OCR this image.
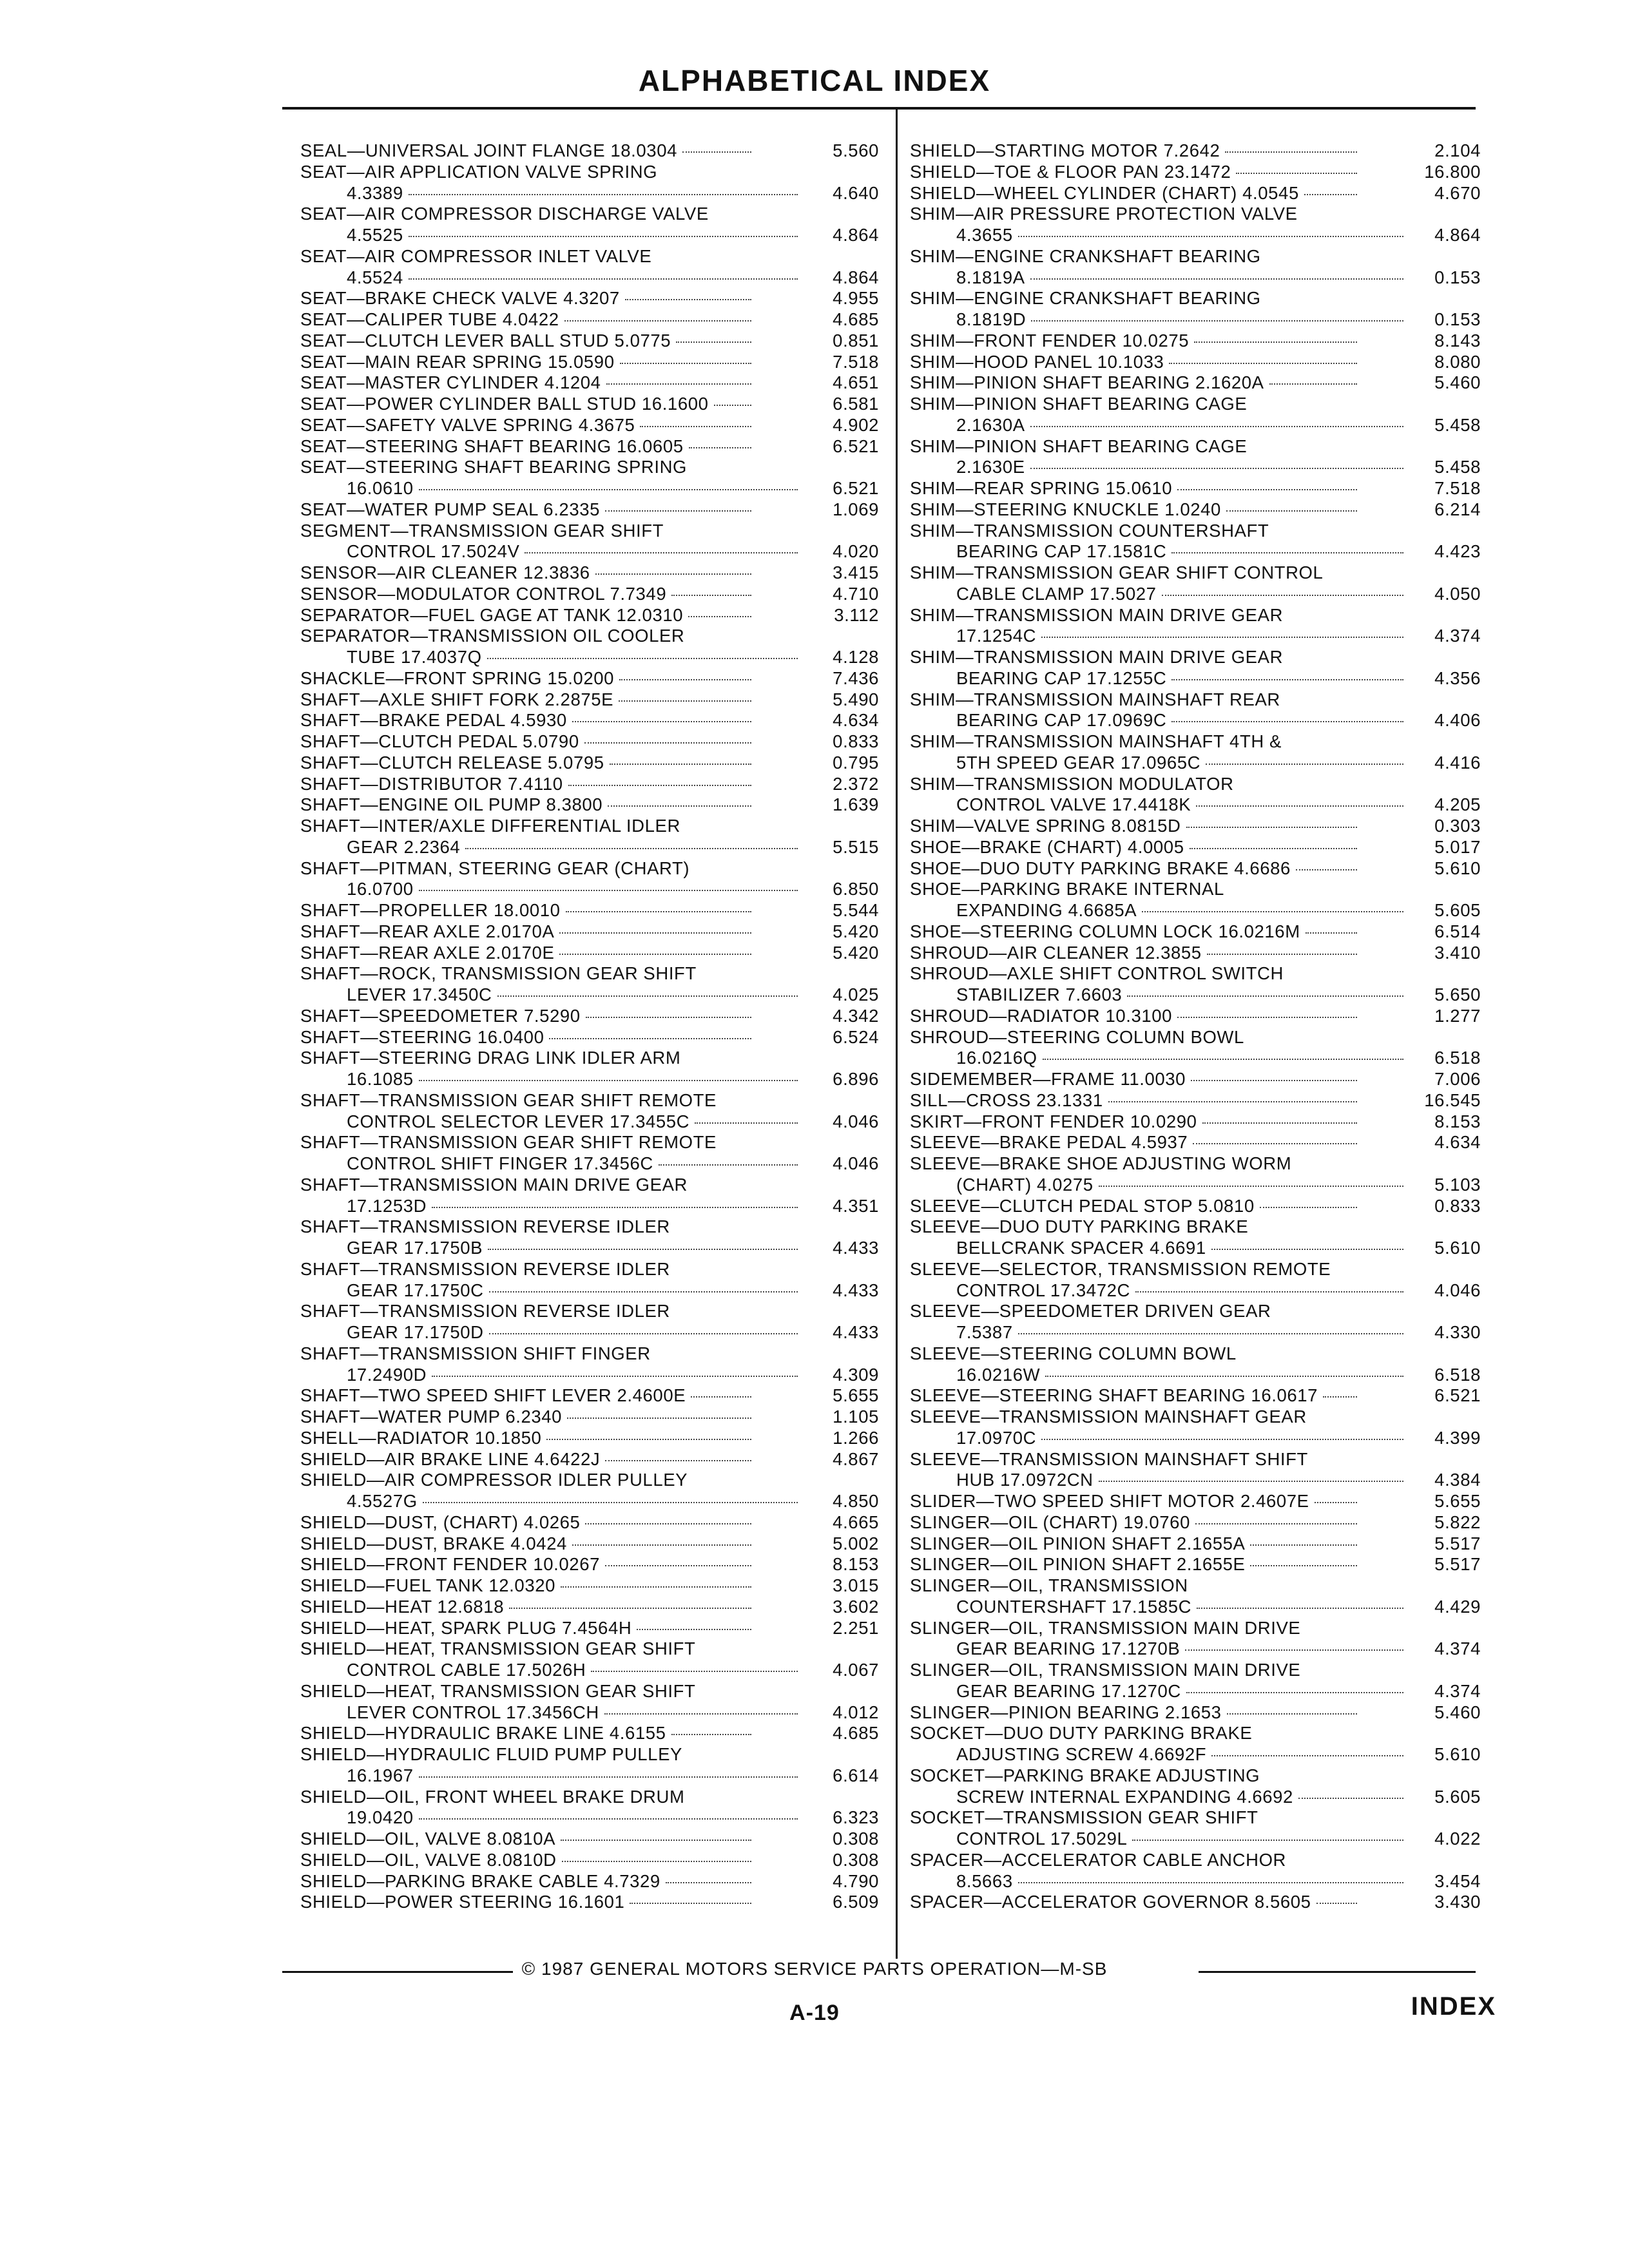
ALPHABETICAL INDEX
SEAL—UNIVERSAL JOINT FLANGE 18.0304	5.560
SEAT—AIR APPLICATION VALVE SPRING
4.3389	4.640
SEAT—AIR COMPRESSOR DISCHARGE VALVE
4.5525	4.864
SEAT—AIR COMPRESSOR INLET VALVE
4.5524	4.864
SEAT—BRAKE CHECK VALVE 4.3207	4.955
SEAT—CALIPER TUBE 4.0422	4.685
SEAT—CLUTCH LEVER BALL STUD 5.0775	0.851
SEAT—MAIN REAR SPRING 15.0590	7.518
SEAT—MASTER CYLINDER 4.1204	4.651
SEAT—POWER CYLINDER BALL STUD 16.1600	6.581
SEAT—SAFETY VALVE SPRING 4.3675	4.902
SEAT—STEERING SHAFT BEARING 16.0605	6.521
SEAT—STEERING SHAFT BEARING SPRING
16.0610	6.521
SEAT—WATER PUMP SEAL 6.2335	1.069
SEGMENT—TRANSMISSION GEAR SHIFT
CONTROL 17.5024V	4.020
SENSOR—AIR CLEANER 12.3836	3.415
SENSOR—MODULATOR CONTROL 7.7349	4.710
SEPARATOR—FUEL GAGE AT TANK 12.0310	3.112
SEPARATOR—TRANSMISSION OIL COOLER
TUBE 17.4037Q	4.128
SHACKLE—FRONT SPRING 15.0200	7.436
SHAFT—AXLE SHIFT FORK 2.2875E	5.490
SHAFT—BRAKE PEDAL 4.5930	4.634
SHAFT—CLUTCH PEDAL 5.0790	0.833
SHAFT—CLUTCH RELEASE 5.0795	0.795
SHAFT—DISTRIBUTOR 7.4110	2.372
SHAFT—ENGINE OIL PUMP 8.3800	1.639
SHAFT—INTER/AXLE DIFFERENTIAL IDLER
GEAR 2.2364	5.515
SHAFT—PITMAN, STEERING GEAR (CHART)
16.0700	6.850
SHAFT—PROPELLER 18.0010	5.544
SHAFT—REAR AXLE 2.0170A	5.420
SHAFT—REAR AXLE 2.0170E	5.420
SHAFT—ROCK, TRANSMISSION GEAR SHIFT
LEVER 17.3450C	4.025
SHAFT—SPEEDOMETER 7.5290	4.342
SHAFT—STEERING 16.0400	6.524
SHAFT—STEERING DRAG LINK IDLER ARM
16.1085	6.896
SHAFT—TRANSMISSION GEAR SHIFT REMOTE
CONTROL SELECTOR LEVER 17.3455C	4.046
SHAFT—TRANSMISSION GEAR SHIFT REMOTE
CONTROL SHIFT FINGER 17.3456C	4.046
SHAFT—TRANSMISSION MAIN DRIVE GEAR
17.1253D	4.351
SHAFT—TRANSMISSION REVERSE IDLER
GEAR 17.1750B	4.433
SHAFT—TRANSMISSION REVERSE IDLER
GEAR 17.1750C	4.433
SHAFT—TRANSMISSION REVERSE IDLER
GEAR 17.1750D	4.433
SHAFT—TRANSMISSION SHIFT FINGER
17.2490D	4.309
SHAFT—TWO SPEED SHIFT LEVER 2.4600E	5.655
SHAFT—WATER PUMP 6.2340	1.105
SHELL—RADIATOR 10.1850	1.266
SHIELD—AIR BRAKE LINE 4.6422J	4.867
SHIELD—AIR COMPRESSOR IDLER PULLEY
4.5527G	4.850
SHIELD—DUST, (CHART) 4.0265	4.665
SHIELD—DUST, BRAKE 4.0424	5.002
SHIELD—FRONT FENDER 10.0267	8.153
SHIELD—FUEL TANK 12.0320	3.015
SHIELD—HEAT 12.6818	3.602
SHIELD—HEAT, SPARK PLUG 7.4564H	2.251
SHIELD—HEAT, TRANSMISSION GEAR SHIFT
CONTROL CABLE 17.5026H	4.067
SHIELD—HEAT, TRANSMISSION GEAR SHIFT
LEVER CONTROL 17.3456CH	4.012
SHIELD—HYDRAULIC BRAKE LINE 4.6155	4.685
SHIELD—HYDRAULIC FLUID PUMP PULLEY
16.1967	6.614
SHIELD—OIL, FRONT WHEEL BRAKE DRUM
19.0420	6.323
SHIELD—OIL, VALVE 8.0810A	0.308
SHIELD—OIL, VALVE 8.0810D	0.308
SHIELD—PARKING BRAKE CABLE 4.7329	4.790
SHIELD—POWER STEERING 16.1601	6.509
SHIELD—STARTING MOTOR 7.2642	2.104
SHIELD—TOE & FLOOR PAN 23.1472	16.800
SHIELD—WHEEL CYLINDER (CHART) 4.0545	4.670
SHIM—AIR PRESSURE PROTECTION VALVE
4.3655	4.864
SHIM—ENGINE CRANKSHAFT BEARING
8.1819A	0.153
SHIM—ENGINE CRANKSHAFT BEARING
8.1819D	0.153
SHIM—FRONT FENDER 10.0275	8.143
SHIM—HOOD PANEL 10.1033	8.080
SHIM—PINION SHAFT BEARING 2.1620A	5.460
SHIM—PINION SHAFT BEARING CAGE
2.1630A	5.458
SHIM—PINION SHAFT BEARING CAGE
2.1630E	5.458
SHIM—REAR SPRING 15.0610	7.518
SHIM—STEERING KNUCKLE 1.0240	6.214
SHIM—TRANSMISSION COUNTERSHAFT
BEARING CAP 17.1581C	4.423
SHIM—TRANSMISSION GEAR SHIFT CONTROL
CABLE CLAMP 17.5027	4.050
SHIM—TRANSMISSION MAIN DRIVE GEAR
17.1254C	4.374
SHIM—TRANSMISSION MAIN DRIVE GEAR
BEARING CAP 17.1255C	4.356
SHIM—TRANSMISSION MAINSHAFT REAR
BEARING CAP 17.0969C	4.406
SHIM—TRANSMISSION MAINSHAFT 4TH &
5TH SPEED GEAR 17.0965C	4.416
SHIM—TRANSMISSION MODULATOR
CONTROL VALVE 17.4418K	4.205
SHIM—VALVE SPRING 8.0815D	0.303
SHOE—BRAKE (CHART) 4.0005	5.017
SHOE—DUO DUTY PARKING BRAKE 4.6686	5.610
SHOE—PARKING BRAKE INTERNAL
EXPANDING 4.6685A	5.605
SHOE—STEERING COLUMN LOCK 16.0216M	6.514
SHROUD—AIR CLEANER 12.3855	3.410
SHROUD—AXLE SHIFT CONTROL SWITCH
STABILIZER 7.6603	5.650
SHROUD—RADIATOR 10.3100	1.277
SHROUD—STEERING COLUMN BOWL
16.0216Q	6.518
SIDEMEMBER—FRAME 11.0030	7.006
SILL—CROSS 23.1331	16.545
SKIRT—FRONT FENDER 10.0290	8.153
SLEEVE—BRAKE PEDAL 4.5937	4.634
SLEEVE—BRAKE SHOE ADJUSTING WORM
(CHART) 4.0275	5.103
SLEEVE—CLUTCH PEDAL STOP 5.0810	0.833
SLEEVE—DUO DUTY PARKING BRAKE
BELLCRANK SPACER 4.6691	5.610
SLEEVE—SELECTOR, TRANSMISSION REMOTE
CONTROL 17.3472C	4.046
SLEEVE—SPEEDOMETER DRIVEN GEAR
7.5387	4.330
SLEEVE—STEERING COLUMN BOWL
16.0216W	6.518
SLEEVE—STEERING SHAFT BEARING 16.0617	6.521
SLEEVE—TRANSMISSION MAINSHAFT GEAR
17.0970C	4.399
SLEEVE—TRANSMISSION MAINSHAFT SHIFT
HUB 17.0972CN	4.384
SLIDER—TWO SPEED SHIFT MOTOR 2.4607E	5.655
SLINGER—OIL (CHART) 19.0760	5.822
SLINGER—OIL PINION SHAFT 2.1655A	5.517
SLINGER—OIL PINION SHAFT 2.1655E	5.517
SLINGER—OIL, TRANSMISSION
COUNTERSHAFT 17.1585C	4.429
SLINGER—OIL, TRANSMISSION MAIN DRIVE
GEAR BEARING 17.1270B	4.374
SLINGER—OIL, TRANSMISSION MAIN DRIVE
GEAR BEARING 17.1270C	4.374
SLINGER—PINION BEARING 2.1653	5.460
SOCKET—DUO DUTY PARKING BRAKE
ADJUSTING SCREW 4.6692F	5.610
SOCKET—PARKING BRAKE ADJUSTING
SCREW INTERNAL EXPANDING 4.6692	5.605
SOCKET—TRANSMISSION GEAR SHIFT
CONTROL 17.5029L	4.022
SPACER—ACCELERATOR CABLE ANCHOR
8.5663	3.454
SPACER—ACCELERATOR GOVERNOR 8.5605	3.430
© 1987 GENERAL MOTORS SERVICE PARTS OPERATION—M-SB
A-19	INDEX
